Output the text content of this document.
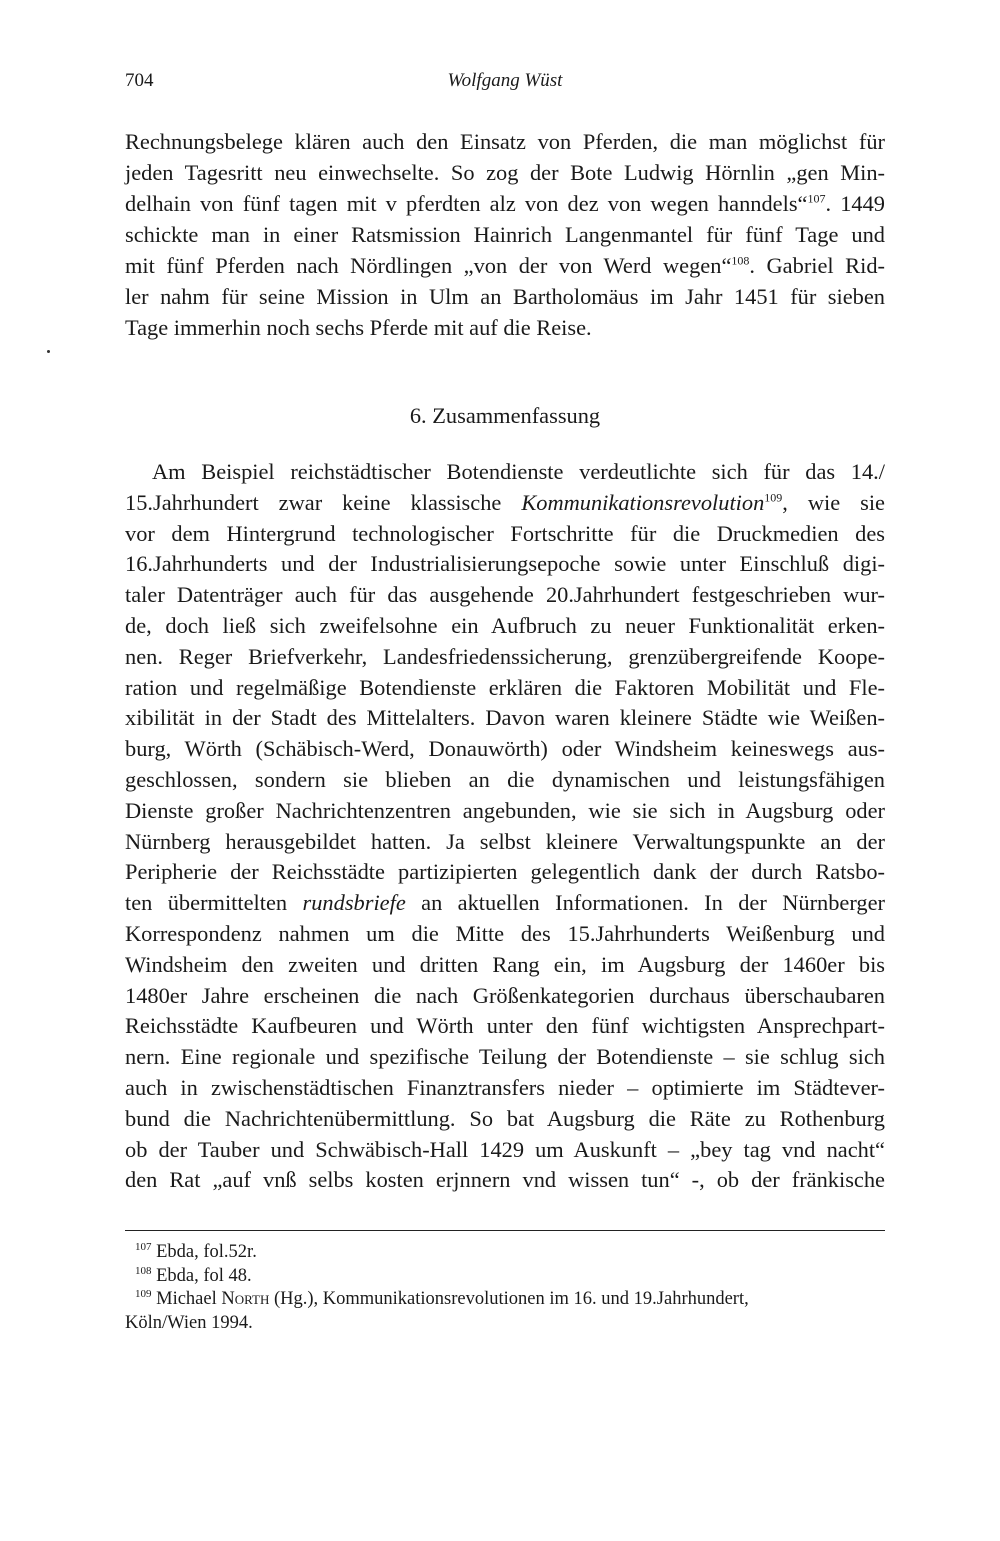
704	Wolfgang Wüst
Rechnungsbelege klären auch den Einsatz von Pferden, die man möglichst für
jeden Tagesritt neu einwechselte. So zog der Bote Ludwig Hörnlin „gen Min-
delhain von fünf tagen mit v pferdten alz von dez von wegen hanndels“$^{107}$. 1449
schickte man in einer Ratsmission Hainrich Langenmantel für fünf Tage und
mit fünf Pferden nach Nördlingen „von der von Werd wegen“$^{108}$. Gabriel Rid-
ler nahm für seine Mission in Ulm an Bartholomäus im Jahr 1451 für sieben
Tage immerhin noch sechs Pferde mit auf die Reise.
6. Zusammenfassung
Am Beispiel reichstädtischer Botendienste verdeutlichte sich für das 14./
15.Jahrhundert zwar keine klassische Kommunikationsrevolution$^{109}$, wie sie
vor dem Hintergrund technologischer Fortschritte für die Druckmedien des
16.Jahrhunderts und der Industrialisierungsepoche sowie unter Einschluß digi-
taler Datenträger auch für das ausgehende 20.Jahrhundert festgeschrieben wur-
de, doch ließ sich zweifelsohne ein Aufbruch zu neuer Funktionalität erken-
nen. Reger Briefverkehr, Landesfriedenssicherung, grenzübergreifende Koope-
ration und regelmäßige Botendienste erklären die Faktoren Mobilität und Fle-
xibilität in der Stadt des Mittelalters. Davon waren kleinere Städte wie Weißen-
burg, Wörth (Schäbisch-Werd, Donauwörth) oder Windsheim keineswegs aus-
geschlossen, sondern sie blieben an die dynamischen und leistungsfähigen
Dienste großer Nachrichtenzentren angebunden, wie sie sich in Augsburg oder
Nürnberg herausgebildet hatten. Ja selbst kleinere Verwaltungspunkte an der
Peripherie der Reichsstädte partizipierten gelegentlich dank der durch Ratsbo-
ten übermittelten rundsbriefe an aktuellen Informationen. In der Nürnberger
Korrespondenz nahmen um die Mitte des 15.Jahrhunderts Weißenburg und
Windsheim den zweiten und dritten Rang ein, im Augsburg der 1460er bis
1480er Jahre erscheinen die nach Größenkategorien durchaus überschaubaren
Reichsstädte Kaufbeuren und Wörth unter den fünf wichtigsten Ansprechpart-
nern. Eine regionale und spezifische Teilung der Botendienste – sie schlug sich
auch in zwischenstädtischen Finanztransfers nieder – optimierte im Städtever-
bund die Nachrichtenübermittlung. So bat Augsburg die Räte zu Rothenburg
ob der Tauber und Schwäbisch-Hall 1429 um Auskunft – „bey tag vnd nacht“
den Rat „auf vnß selbs kosten erjnnern vnd wissen tun“ -, ob der fränkische
$^{107}$ Ebda, fol.52r.
$^{108}$ Ebda, fol 48.
$^{109}$ Michael North (Hg.), Kommunikationsrevolutionen im 16. und 19.Jahrhundert,
Köln/Wien 1994.
